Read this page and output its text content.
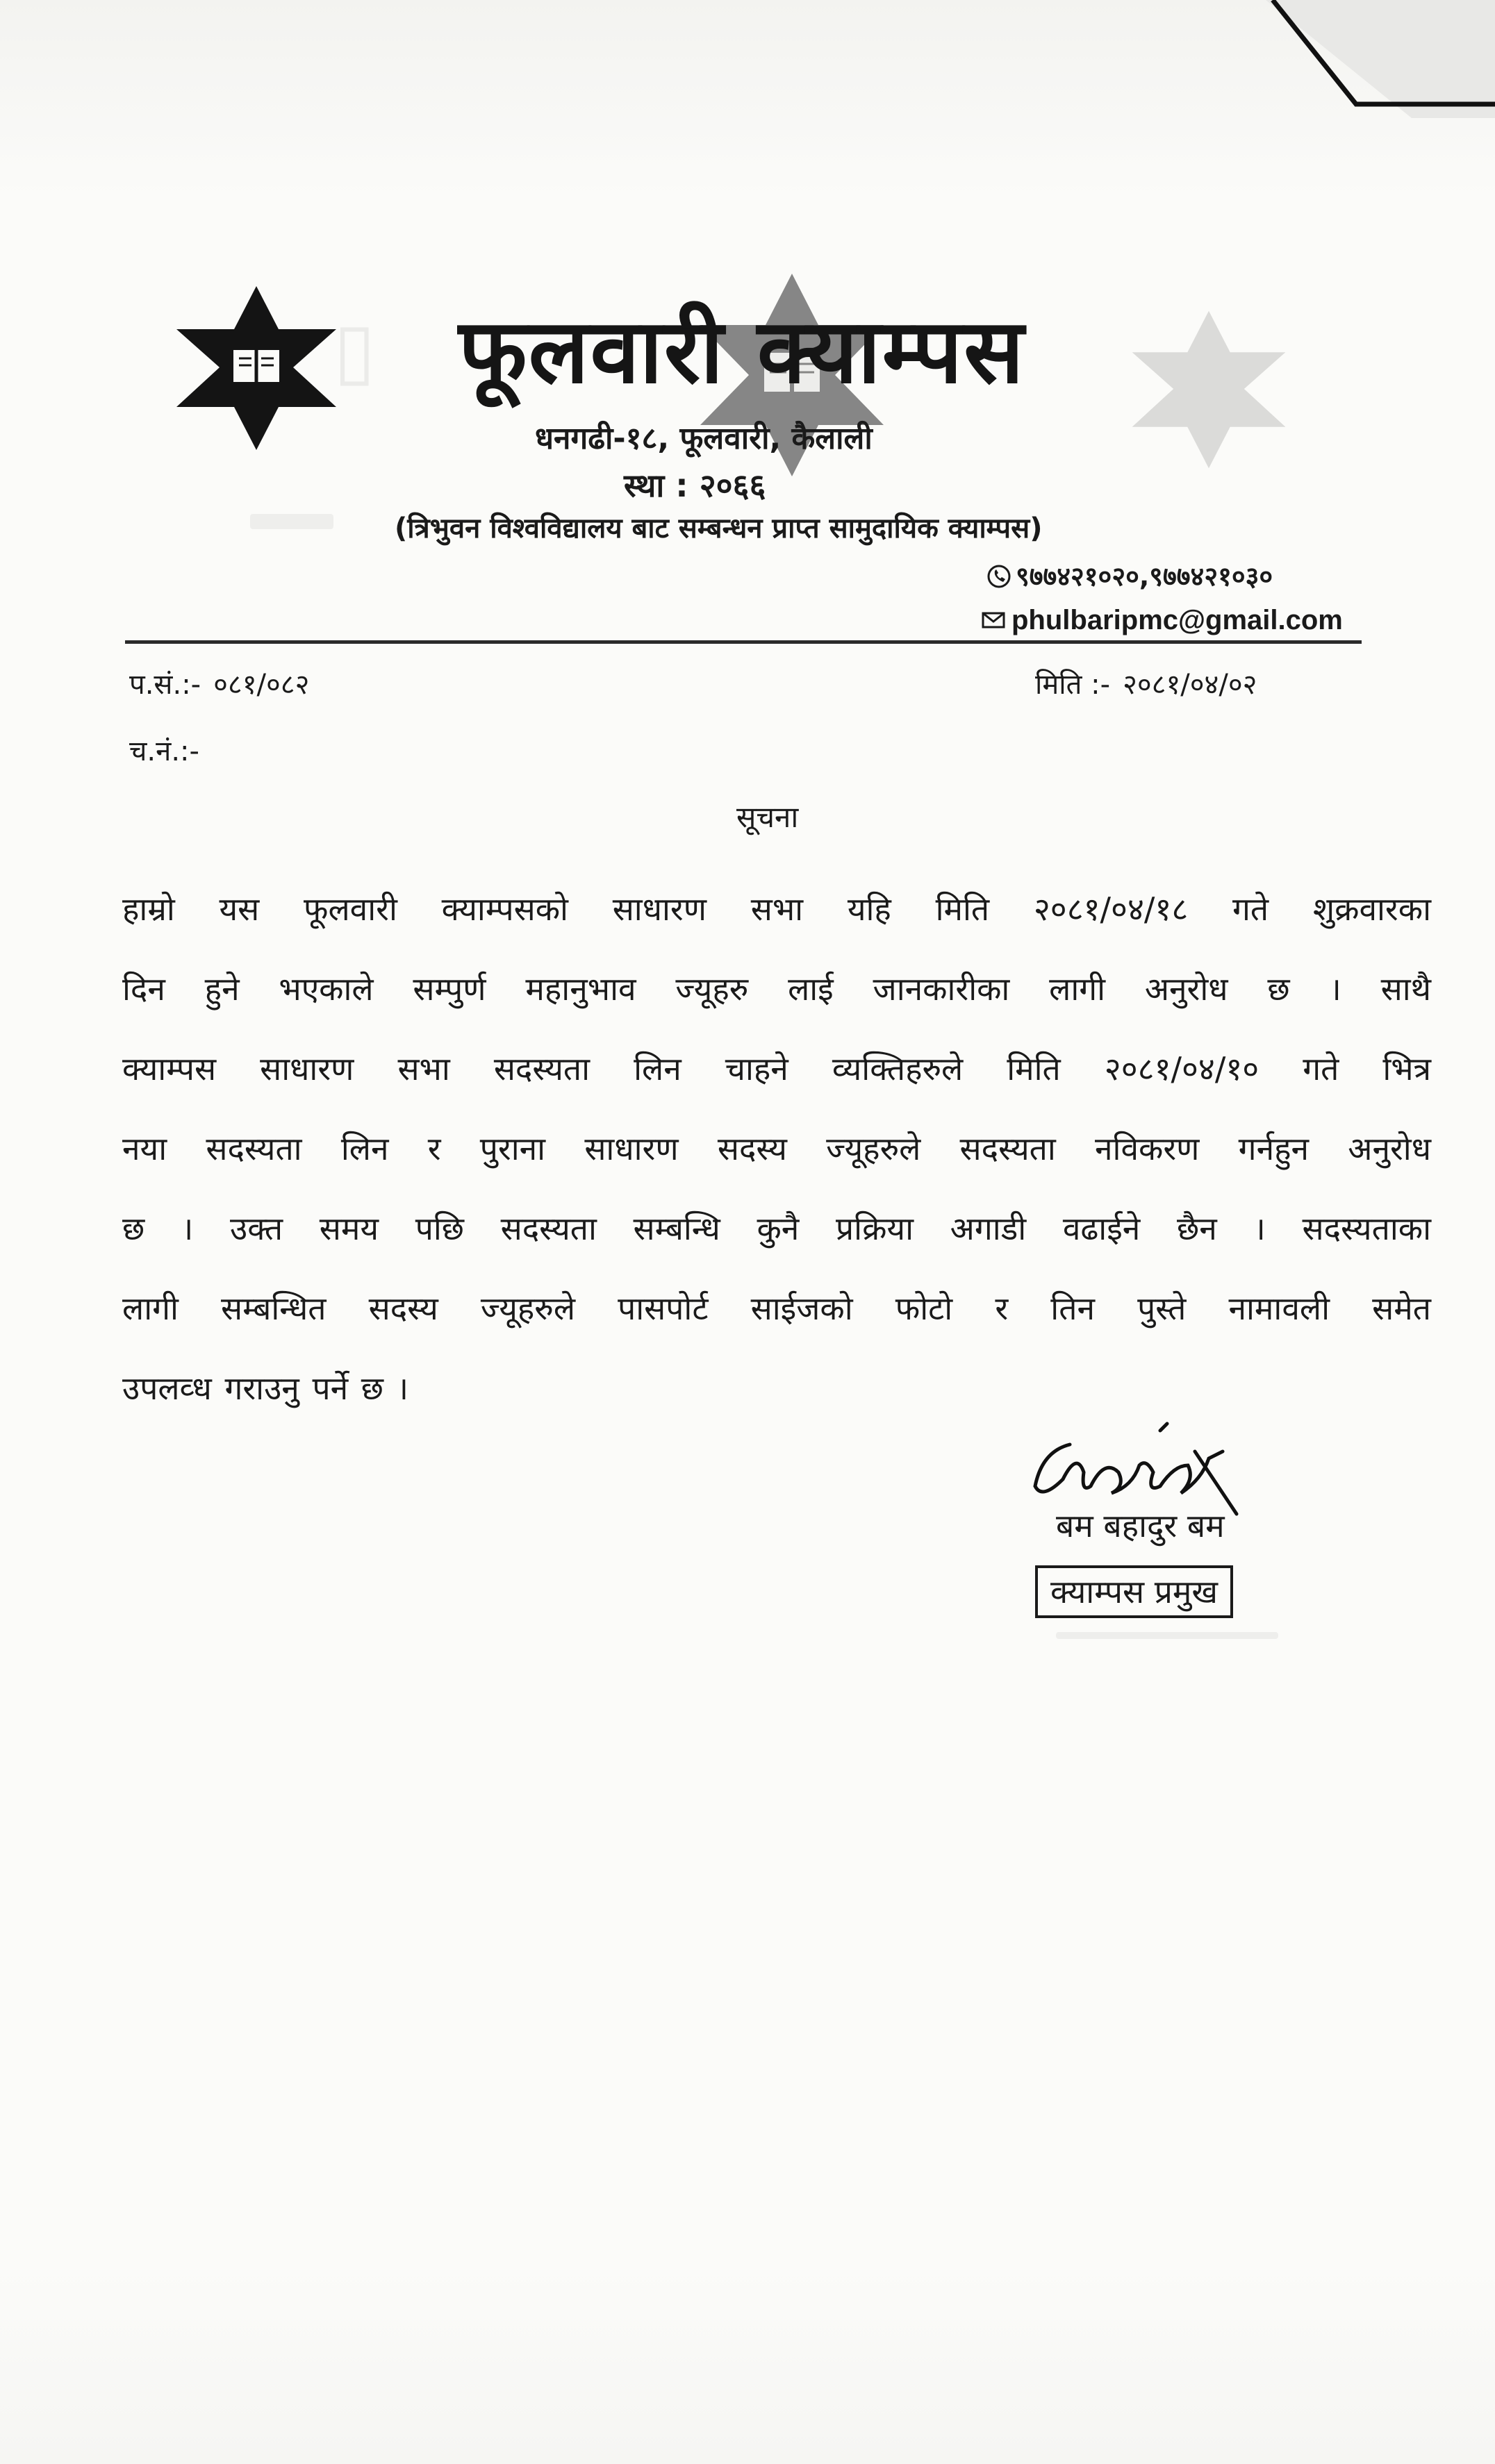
▯ फूलवारी क्याम्पस
धनगढी-१८, फूलवारी, कैलाली
स्था : २०६६
(त्रिभुवन विश्वविद्यालय बाट सम्बन्धन प्राप्त सामुदायिक क्याम्पस)
९७७४२१०२०,९७७४२१०३०
phulbaripmc@gmail.com
प.सं.:- ०८१/०८२
च.नं.:-
मिति :- २०८१/०४/०२
सूचना
हाम्रो यस फूलवारी क्याम्पसको साधारण सभा यहि मिति २०८१/०४/१८ गते शुक्रवारका
दिन हुने भएकाले सम्पुर्ण महानुभाव ज्यूहरु लाई जानकारीका लागी अनुरोध छ । साथै
क्याम्पस साधारण सभा सदस्यता लिन चाहने व्यक्तिहरुले मिति २०८१/०४/१० गते भित्र
नया सदस्यता लिन र पुराना साधारण सदस्य ज्यूहरुले सदस्यता नविकरण गर्नहुन अनुरोध
छ । उक्त समय पछि सदस्यता सम्बन्धि कुनै प्रक्रिया अगाडी वढाईने छैन । सदस्यताका
लागी सम्बन्धित सदस्य ज्यूहरुले पासपोर्ट साईजको फोटो र तिन पुस्ते नामावली समेत
उपलव्ध गराउनु पर्ने छ ।
बम बहादुर बम
क्याम्पस प्रमुख
